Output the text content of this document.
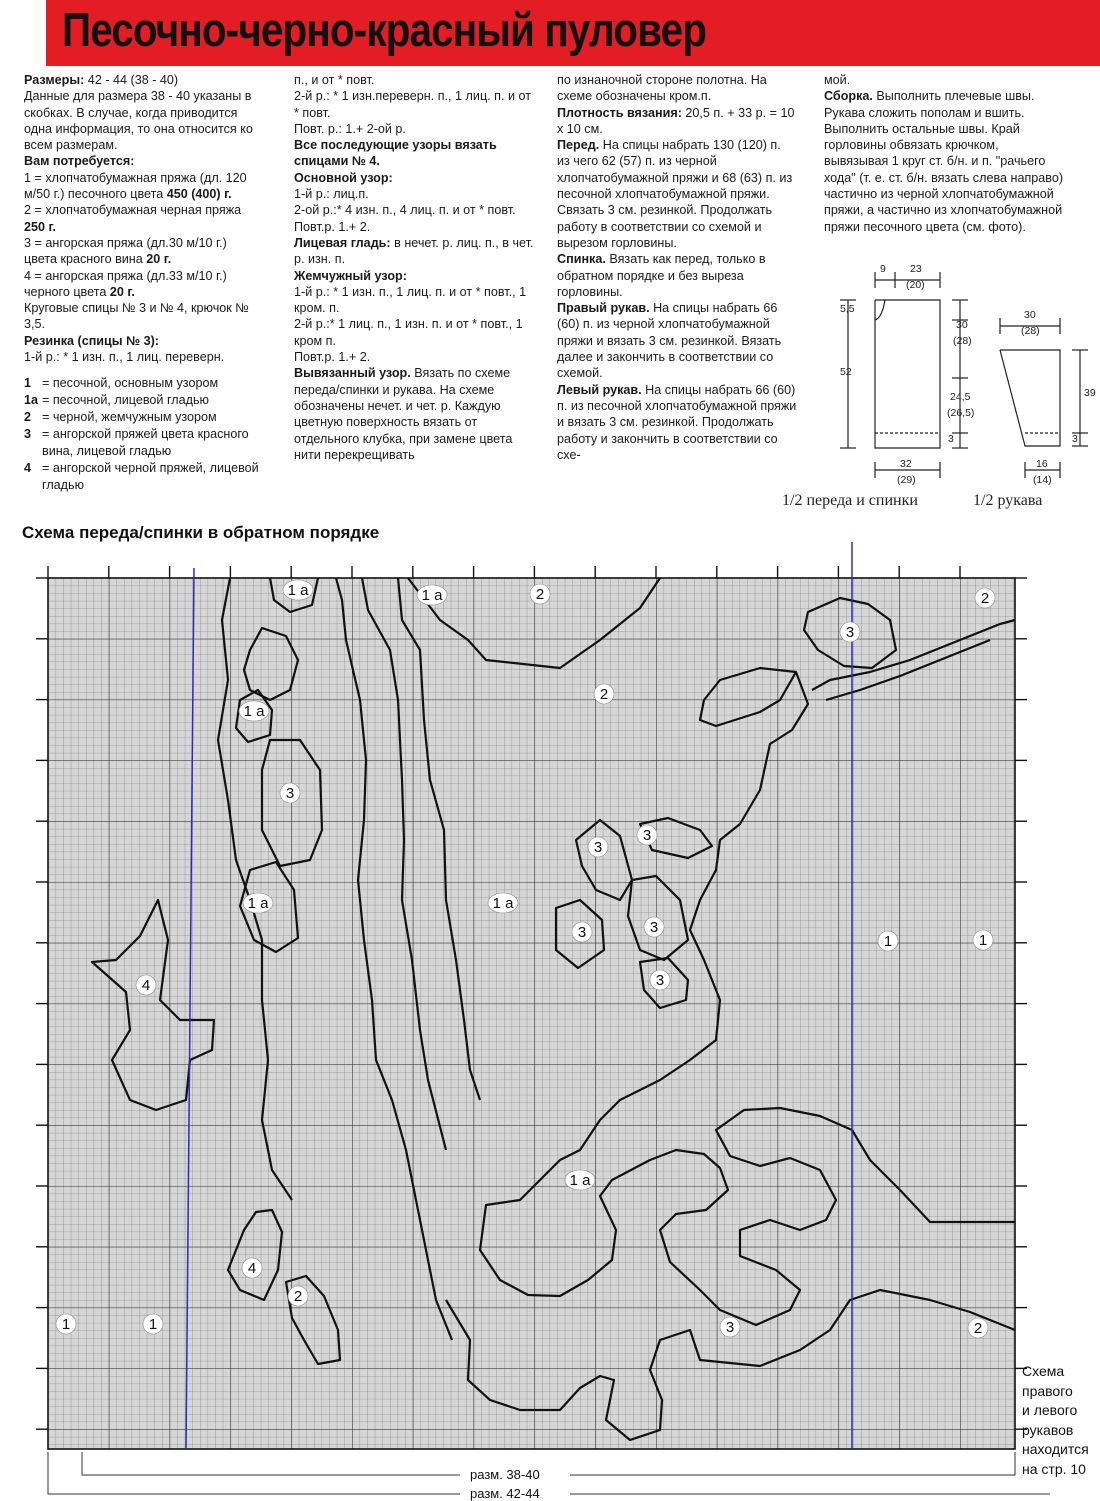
Песочно-черно-красный пуловер

Размеры: 42 - 44 (38 - 40)

Данные для размера 38 - 40 указаны в скобках. В случае, когда приводится одна информация, то она относится ко всем размерам.

Вам потребуется:

1 = хлопчатобумажная пряжа (дл. 120 м/50 г.) песочного цвета 450 (400) г.

2 = хлопчатобумажная черная пряжа 250 г.

3 = ангорская пряжа (дл.30 м/10 г.) цвета красного вина 20 г.

4 = ангорская пряжа (дл.33 м/10 г.) черного цвета 20 г.

Круговые спицы № 3 и № 4, крючок № 3,5.

Резинка (спицы № 3):

1-й р.: * 1 изн. п., 1 лиц. переверн.

1 = песочной, основным узором
1a = песочной, лицевой гладью
2 = черной, жемчужным узором
3 = ангорской пряжей цвета красного вина, лицевой гладью
4 = ангорской черной пряжей, лицевой гладью

п., и от * повт.

2-й р.: * 1 изн.переверн. п., 1 лиц. п. и от * повт.

Повт. р.: 1.+ 2-ой р.

Все последующие узоры вязать спицами № 4.

Основной узор:

1-й р.: лиц.п.

2-ой р.:* 4 изн. п., 4 лиц. п. и от * повт.

Повт.р. 1.+ 2.

Лицевая гладь: в нечет. р. лиц. п., в чет. р. изн. п.

Жемчужный узор:

1-й р.: * 1 изн. п., 1 лиц. п. и от * повт., 1 кром. п.

2-й р.:* 1 лиц. п., 1 изн. п. и от * повт., 1 кром п.

Повт.р. 1.+ 2.

Вывязанный узор. Вязать по схеме переда/спинки и рукава. На схеме обозначены нечет. и чет. р. Каждую цветную поверхность вязать от отдельного клубка, при замене цвета нити перекрещивать

по изнаночной стороне полотна. На схеме обозначены кром.п.

Плотность вязания: 20,5 п. + 33 р. = 10 х 10 см.

Перед. На спицы набрать 130 (120) п. из чего 62 (57) п. из черной хлопчатобумажной пряжи и 68 (63) п. из песочной хлопчатобумажной пряжи. Связать 3 см. резинкой. Продолжать работу в соответствии со схемой и вырезом горловины.

Спинка. Вязать как перед, только в обратном порядке и без выреза горловины.

Правый рукав. На спицы набрать 66 (60) п. из черной хлопчатобумажной пряжи и вязать 3 см. резинкой. Вязать далее и закончить в соответствии со схемой.

Левый рукав. На спицы набрать 66 (60) п. из песочной хлопчатобумажной пряжи и вязать 3 см. резинкой. Продолжать работу и закончить в соответствии со схе-

мой.

Сборка. Выполнить плечевые швы. Рукава сложить пополам и вшить. Выполнить остальные швы. Край горловины обвязать крючком, вывязывая 1 круг ст. б/н. и п. "рачьего хода" (т. е. ст. б/н. вязать слева направо) частично из черной хлопчатобумажной пряжи, а частично из хлопчатобумажной пряжи песочного цвета (см. фото).

9 23
(20)
5,5
30
(28)
52
24,5
(26,5)
3
32
(29)
30
(28)
39
3
16
(14)
1/2 переда и спинки	1/2 рукава
Схема переда/спинки в обратном порядке
1 a	1 a	2	2
2
3
1 a
3
3
3
1 a	1 a
3	3
3
1	1
4
1 a
4
2
1	1	3	2
разм. 38-40
разм. 42-44
Схема
правого
и левого
рукавов
находится
на стр. 10
